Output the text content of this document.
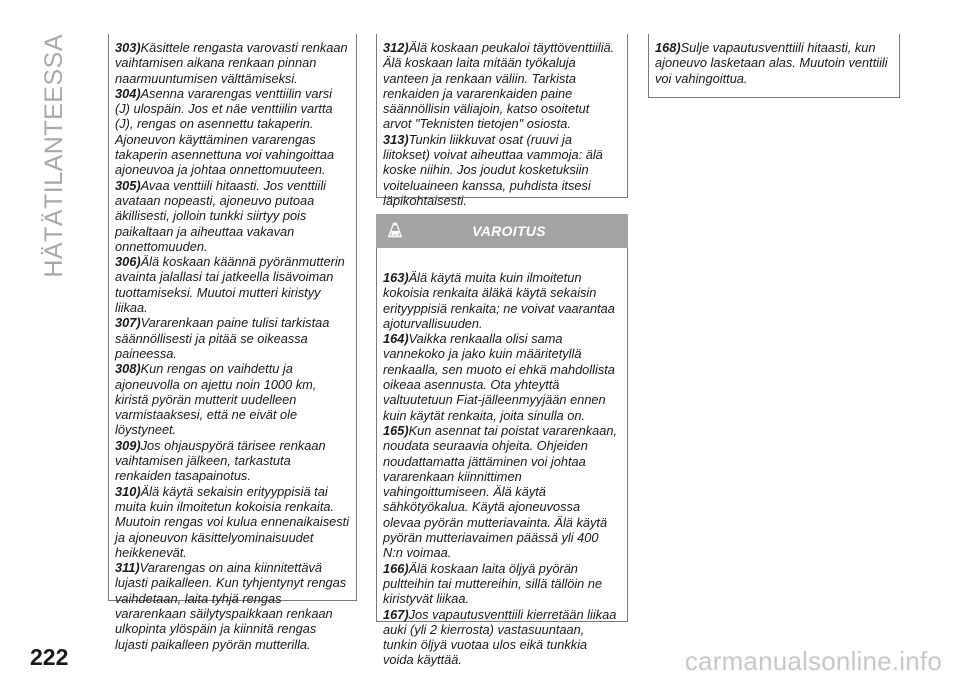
HÄTÄTILANTEESSA	303)Käsittele rengasta varovasti renkaan vaihtamisen aikana renkaan pinnan naarmuuntumisen välttämiseksi.

304)Asenna vararengas venttiilin varsi (J) ulospäin. Jos et näe venttiilin vartta (J), rengas on asennettu takaperin. Ajoneuvon käyttäminen vararengas takaperin asennettuna voi vahingoittaa ajoneuvoa ja johtaa onnettomuuteen.

305)Avaa venttiili hitaasti. Jos venttiili avataan nopeasti, ajoneuvo putoaa äkillisesti, jolloin tunkki siirtyy pois paikaltaan ja aiheuttaa vakavan onnettomuuden.

306)Älä koskaan käännä pyöränmutterin avainta jalallasi tai jatkeella lisävoiman tuottamiseksi. Muutoi mutteri kiristyy liikaa.

307)Vararenkaan paine tulisi tarkistaa säännöllisesti ja pitää se oikeassa paineessa.

308)Kun rengas on vaihdettu ja ajoneuvolla on ajettu noin 1000 km, kiristä pyörän mutterit uudelleen varmistaaksesi, että ne eivät ole löystyneet.

309)Jos ohjauspyörä tärisee renkaan vaihtamisen jälkeen, tarkastuta renkaiden tasapainotus.

310)Älä käytä sekaisin erityyppisiä tai muita kuin ilmoitetun kokoisia renkaita. Muutoin rengas voi kulua ennenaikaisesti ja ajoneuvon käsittelyominaisuudet heikkenevät.

311)Vararengas on aina kiinnitettävä lujasti paikalleen. Kun tyhjentynyt rengas vaihdetaan, laita tyhjä rengas vararenkaan säilytyspaikkaan renkaan ulkopinta ylöspäin ja kiinnitä rengas lujasti paikalleen pyörän mutterilla.

312)Älä koskaan peukaloi täyttöventtiiliä. Älä koskaan laita mitään työkaluja vanteen ja renkaan väliin. Tarkista renkaiden ja vararenkaiden paine säännöllisin väliajoin, katso osoitetut arvot "Teknisten tietojen" osiosta.

313)Tunkin liikkuvat osat (ruuvi ja liitokset) voivat aiheuttaa vammoja: älä koske niihin. Jos joudut kosketuksiin voiteluaineen kanssa, puhdista itsesi läpikohtaisesti.

VAROITUS

163)Älä käytä muita kuin ilmoitetun kokoisia renkaita äläkä käytä sekaisin erityyppisiä renkaita; ne voivat vaarantaa ajoturvallisuuden.

164)Vaikka renkaalla olisi sama vannekoko ja jako kuin määritetyllä renkaalla, sen muoto ei ehkä mahdollista oikeaa asennusta. Ota yhteyttä valtuutetuun Fiat-jälleenmyyjään ennen kuin käytät renkaita, joita sinulla on.

165)Kun asennat tai poistat vararenkaan, noudata seuraavia ohjeita. Ohjeiden noudattamatta jättäminen voi johtaa vararenkaan kiinnittimen vahingoittumiseen. Älä käytä sähkötyökalua. Käytä ajoneuvossa olevaa pyörän mutteriavainta. Älä käytä pyörän mutteriavaimen päässä yli 400 N:n voimaa.

166)Älä koskaan laita öljyä pyörän pultteihin tai muttereihin, sillä tällöin ne kiristyvät liikaa.

167)Jos vapautusventtiili kierretään liikaa auki (yli 2 kierrosta) vastasuuntaan, tunkin öljyä vuotaa ulos eikä tunkkia voida käyttää.

168)Sulje vapautusventtiili hitaasti, kun ajoneuvo lasketaan alas. Muutoin venttiili voi vahingoittua.

222	carmanualsonline.info
